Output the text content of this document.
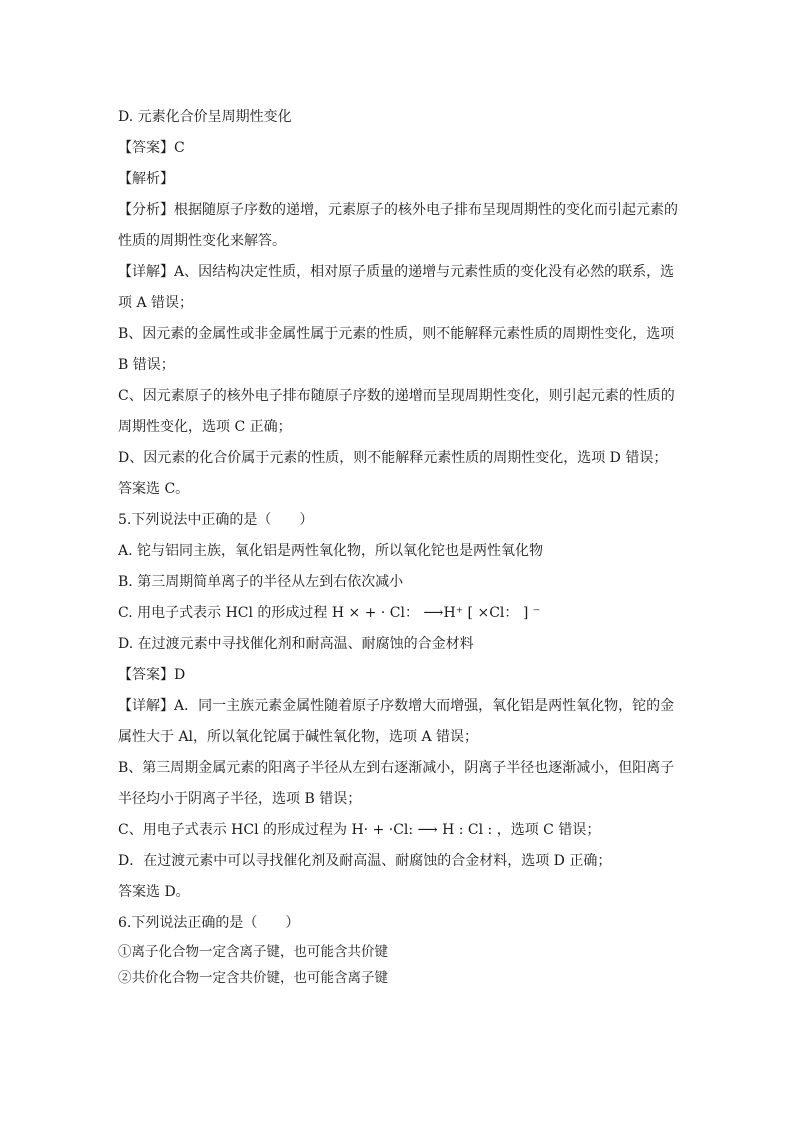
D. 元素化合价呈周期性变化
【答案】C
【解析】
【分析】根据随原子序数的递增，元素原子的核外电子排布呈现周期性的变化而引起元素的
性质的周期性变化来解答。
【详解】A、因结构决定性质，相对原子质量的递增与元素性质的变化没有必然的联系，选
项 A 错误；
B、因元素的金属性或非金属性属于元素的性质，则不能解释元素性质的周期性变化，选项
B 错误；
C、因元素原子的核外电子排布随原子序数的递增而呈现周期性变化，则引起元素的性质的
周期性变化，选项 C 正确；
D、因元素的化合价属于元素的性质，则不能解释元素性质的周期性变化，选项 D 错误；
答案选 C。
5.下列说法中正确的是（　　）
A. 铊与铝同主族，氧化铝是两性氧化物，所以氧化铊也是两性氧化物
B. 第三周期简单离子的半径从左到右依次减小
C. 用电子式表示 HCl 的形成过程 H × + · Cl： ⟶H⁺ [ ×Cl： ] ⁻
D. 在过渡元素中寻找催化剂和耐高温、耐腐蚀的合金材料
【答案】D
【详解】A．同一主族元素金属性随着原子序数增大而增强，氧化铝是两性氧化物，铊的金
属性大于 Al，所以氧化铊属于碱性氧化物，选项 A 错误；
B、第三周期金属元素的阳离子半径从左到右逐渐减小，阴离子半径也逐渐减小，但阳离子
半径均小于阴离子半径，选项 B 错误；
C、用电子式表示 HCl 的形成过程为 H· + ·Cl: ⟶ H : Cl : ，选项 C 错误；
D．在过渡元素中可以寻找催化剂及耐高温、耐腐蚀的合金材料，选项 D 正确；
答案选 D。
6.下列说法正确的是（　　）
①离子化合物一定含离子键，也可能含共价键
②共价化合物一定含共价键，也可能含离子键
